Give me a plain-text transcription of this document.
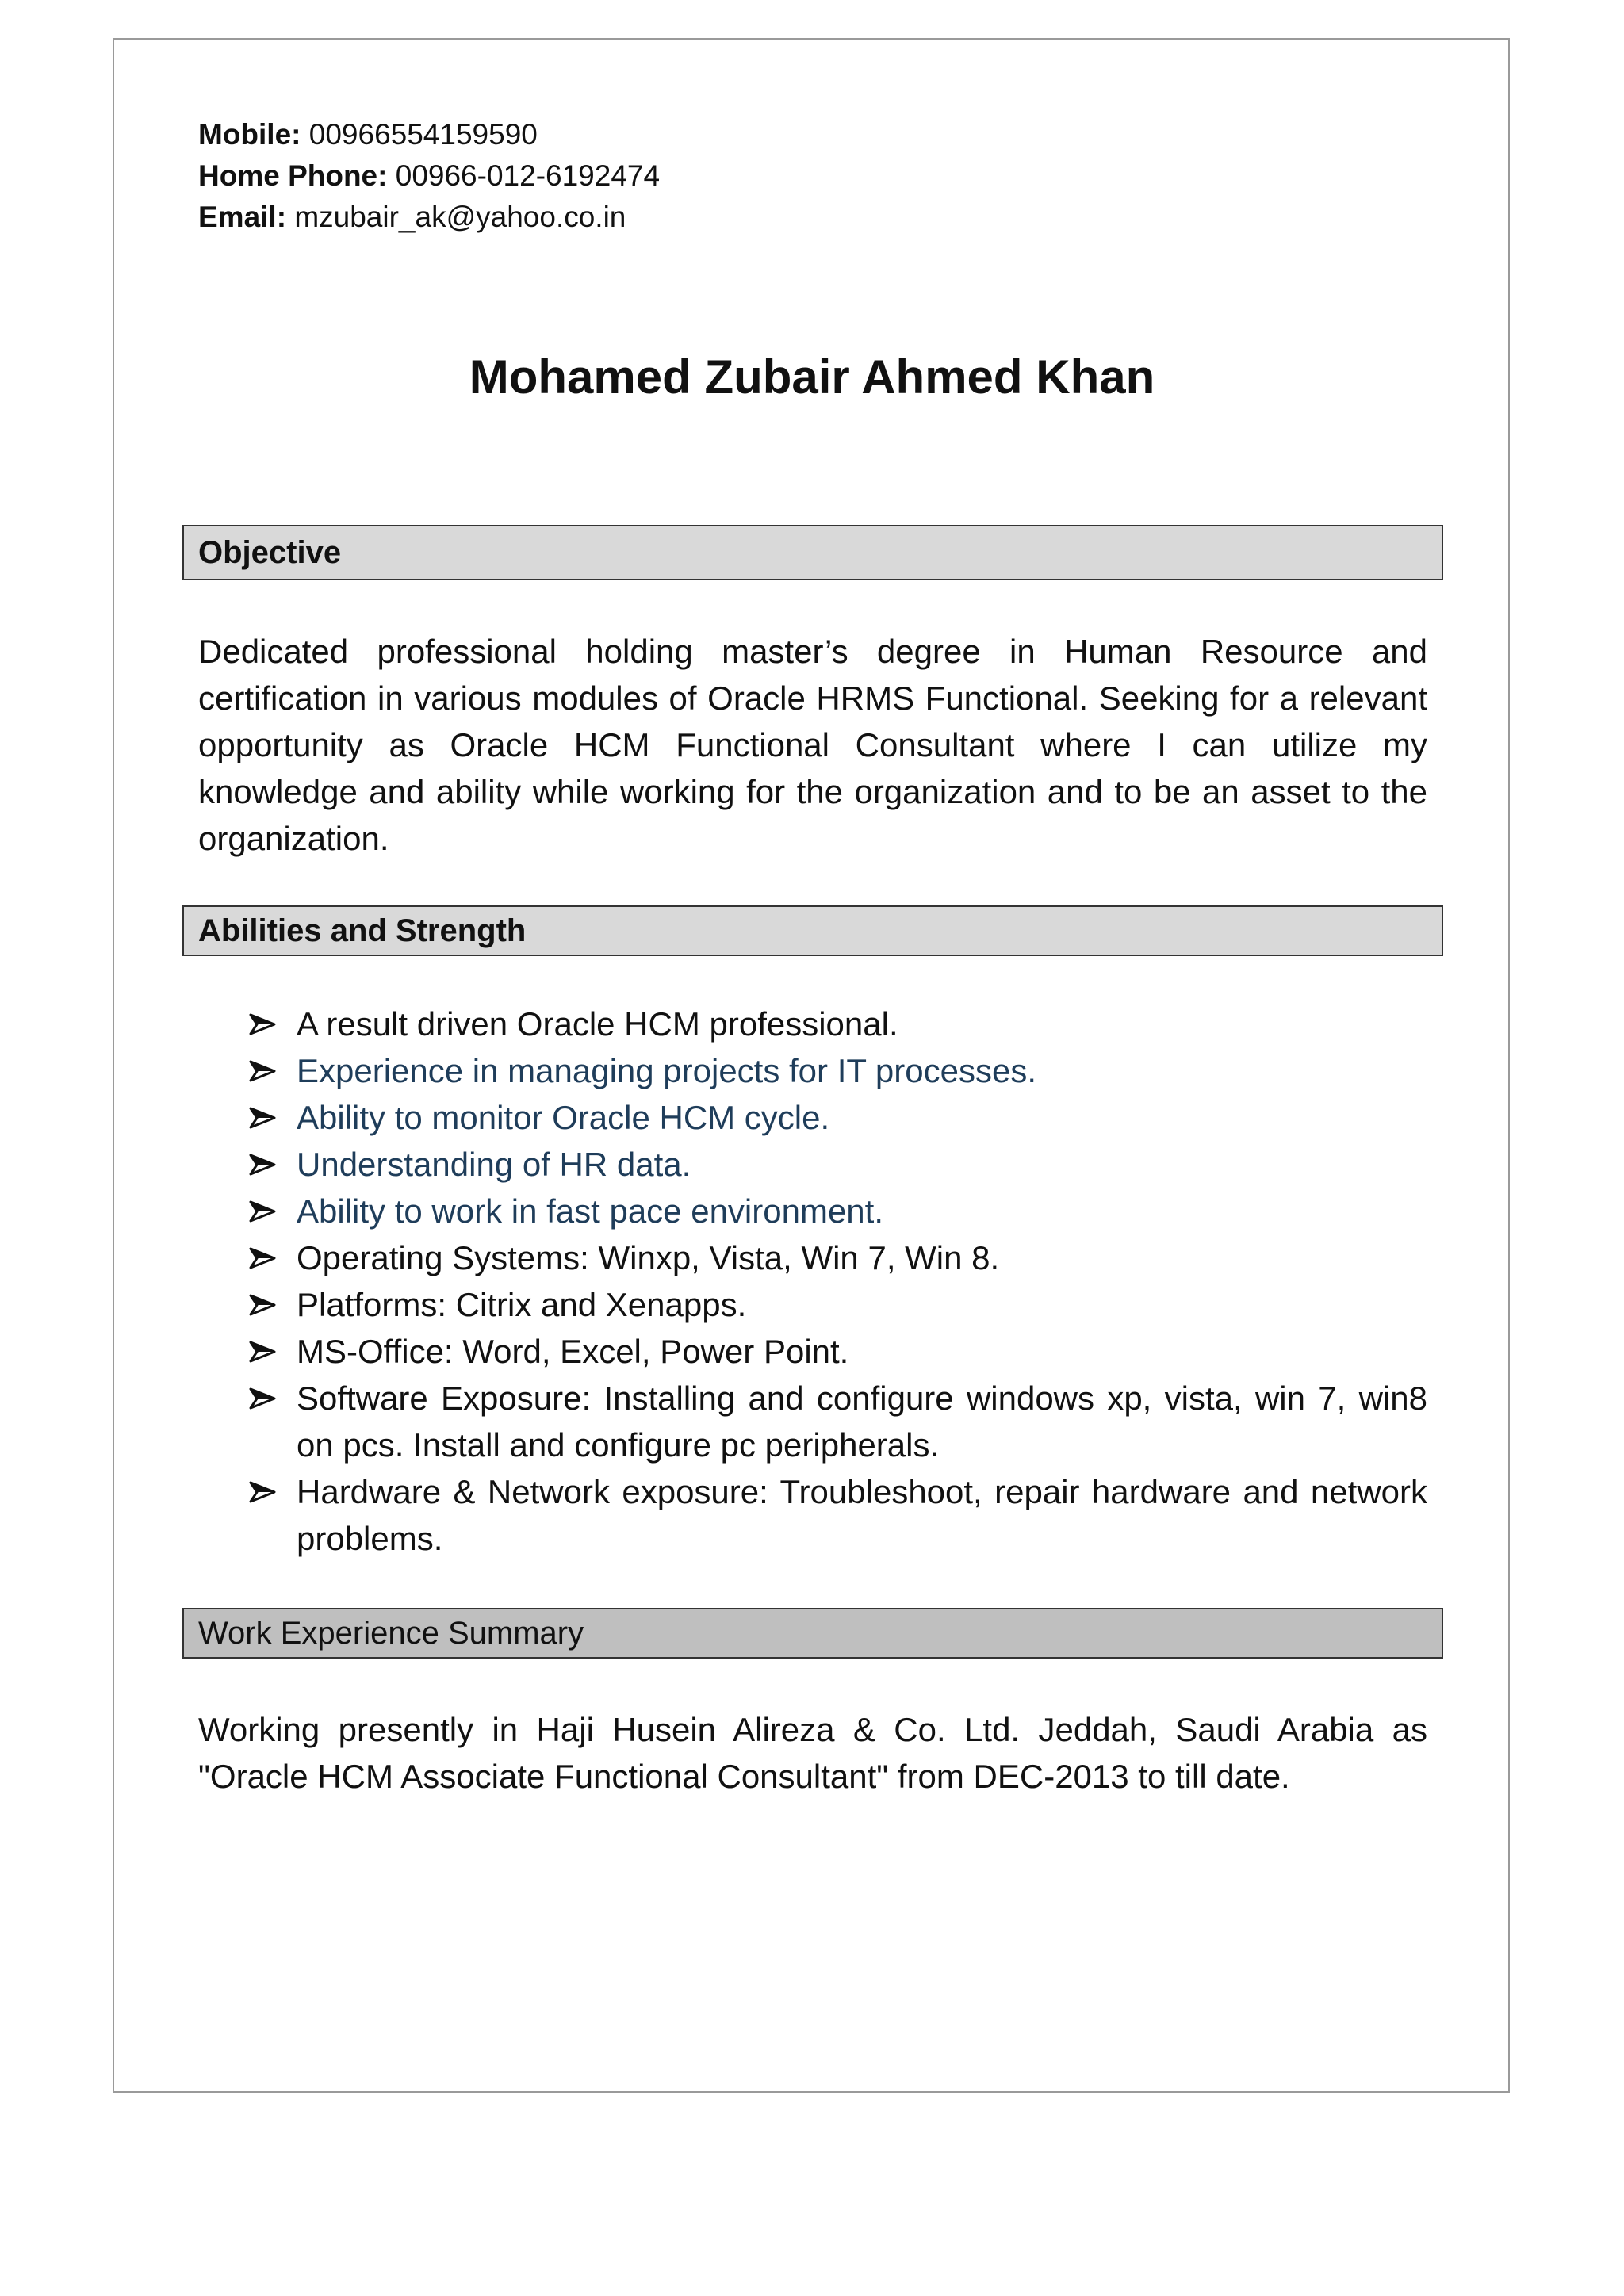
Mobile: 00966554159590
Home Phone: 00966-012-6192474
Email: mzubair_ak@yahoo.co.in
Mohamed Zubair Ahmed Khan
Objective
Dedicated professional holding master’s degree in Human Resource and certification in various modules of Oracle HRMS Functional. Seeking for a relevant opportunity as Oracle HCM Functional Consultant where I can utilize my knowledge and ability while working for the organization and to be an asset to the organization.
Abilities and Strength
A result driven Oracle HCM professional.
Experience in managing projects for IT processes.
Ability to monitor Oracle HCM cycle.
Understanding of HR data.
Ability to work in fast pace environment.
Operating Systems: Winxp, Vista, Win 7, Win 8.
Platforms: Citrix and Xenapps.
MS-Office: Word, Excel, Power Point.
Software Exposure: Installing and configure windows xp, vista, win 7, win8 on pcs. Install and configure pc peripherals.
Hardware & Network exposure: Troubleshoot, repair hardware and network problems.
Work Experience Summary
Working presently in Haji Husein Alireza & Co. Ltd. Jeddah, Saudi Arabia as "Oracle HCM Associate Functional Consultant" from DEC-2013 to till date.
